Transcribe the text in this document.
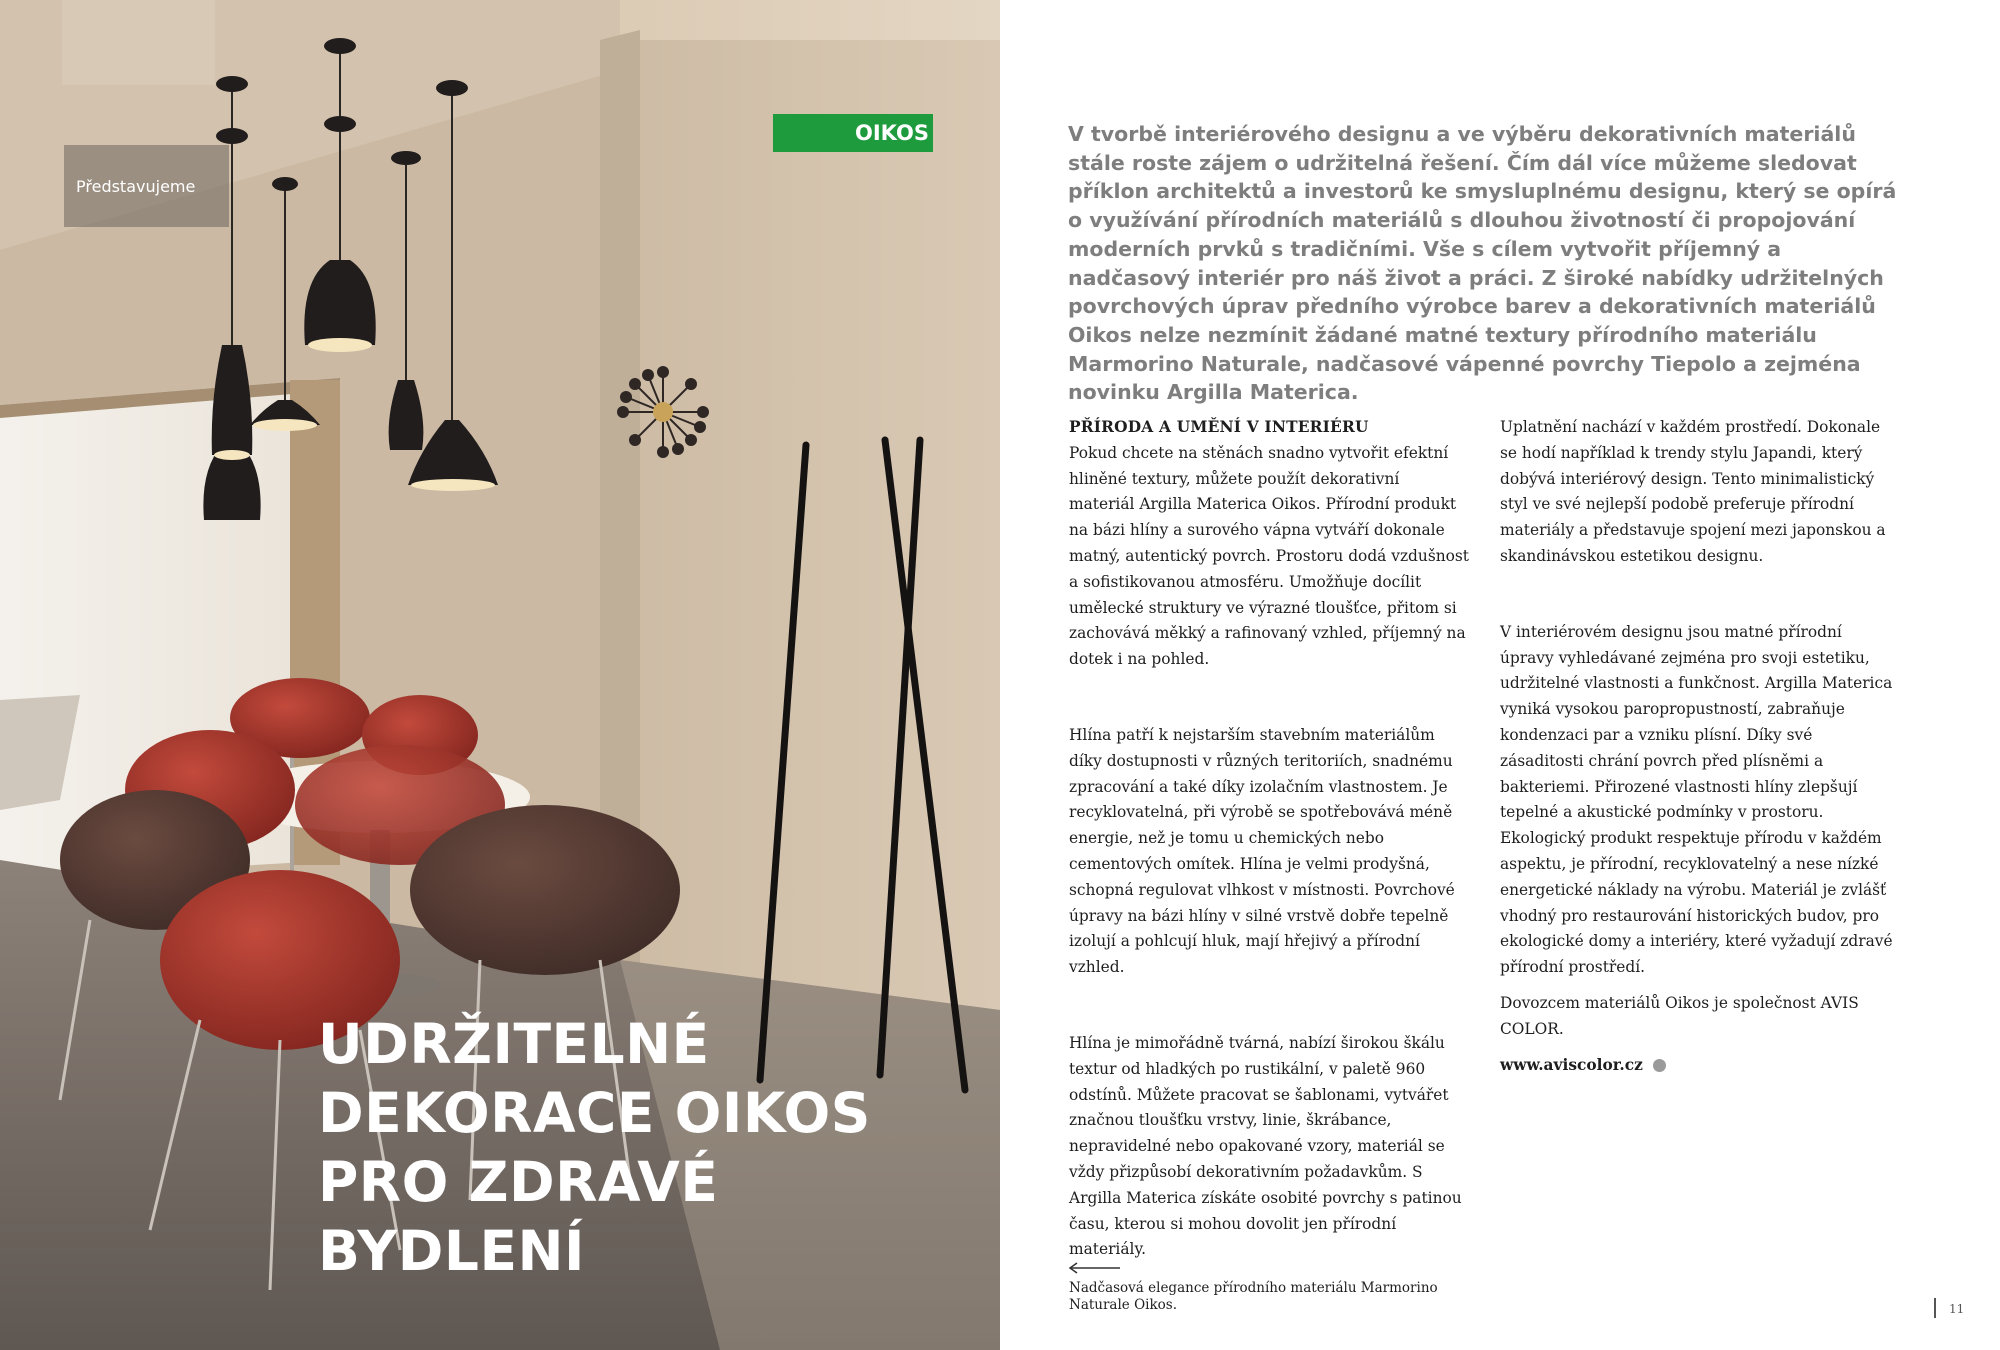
Představujeme
OIKOS
UDRŽITELNÉ
DEKORACE OIKOS
PRO ZDRAVÉ
BYDLENÍ

V tvorbě interiérového designu a ve výběru dekorativních materiálů stále roste zájem o udržitelná řešení. Čím dál více můžeme sledovat příklon architektů a investorů ke smysluplnému designu, který se opírá o využívání přírodních materiálů s dlouhou životností či propojování moderních prvků s tradičními. Vše s cílem vytvořit příjemný a nadčasový interiér pro náš život a práci. Z široké nabídky udržitelných povrchových úprav předního výrobce barev a dekorativních materiálů Oikos nelze nezmínit žádané matné textury přírodního materiálu Marmorino Naturale, nadčasové vápenné povrchy Tiepolo a zejména novinku Argilla Materica.

PŘÍRODA A UMĚNÍ V INTERIÉRU

Pokud chcete na stěnách snadno vytvořit efektní hliněné textury, můžete použít dekorativní materiál Argilla Materica Oikos. Přírodní produkt na bázi hlíny a surového vápna vytváří dokonale matný, autentický povrch. Prostoru dodá vzdušnost a sofistikovanou atmosféru. Umožňuje docílit umělecké struktury ve výrazné tloušťce, přitom si zachovává měkký a rafinovaný vzhled, příjemný na dotek i na pohled.

Hlína patří k nejstarším stavebním materiálům díky dostupnosti v různých teritoriích, snadnému zpracování a také díky izolačním vlastnostem. Je recyklovatelná, při výrobě se spotřebovává méně energie, než je tomu u chemických nebo cementových omítek. Hlína je velmi prodyšná, schopná regulovat vlhkost v místnosti. Povrchové úpravy na bázi hlíny v silné vrstvě dobře tepelně izolují a pohlcují hluk, mají hřejivý a přírodní vzhled.

Hlína je mimořádně tvárná, nabízí širokou škálu textur od hladkých po rustikální, v paletě 960 odstínů. Můžete pracovat se šablonami, vytvářet značnou tloušťku vrstvy, linie, škrábance, nepravidelné nebo opakované vzory, materiál se vždy přizpůsobí dekorativním požadavkům. S Argilla Materica získáte osobité povrchy s patinou času, kterou si mohou dovolit jen přírodní materiály.

Uplatnění nachází v každém prostředí. Dokonale se hodí například k trendy stylu Japandi, který dobývá interiérový design. Tento minimalistický styl ve své nejlepší podobě preferuje přírodní materiály a představuje spojení mezi japonskou a skandinávskou estetikou designu.

V interiérovém designu jsou matné přírodní úpravy vyhledávané zejména pro svoji estetiku, udržitelné vlastnosti a funkčnost. Argilla Materica vyniká vysokou paropropustností, zabraňuje kondenzaci par a vzniku plísní. Díky své zásaditosti chrání povrch před plísněmi a bakteriemi. Přirozené vlastnosti hlíny zlepšují tepelné a akustické podmínky v prostoru. Ekologický produkt respektuje přírodu v každém aspektu, je přírodní, recyklovatelný a nese nízké energetické náklady na výrobu. Materiál je zvlášť vhodný pro restaurování historických budov, pro ekologické domy a interiéry, které vyžadují zdravé přírodní prostředí.

Dovozcem materiálů Oikos je společnost AVIS COLOR.

www.aviscolor.cz

Nadčasová elegance přírodního materiálu Marmorino Naturale Oikos.	11
